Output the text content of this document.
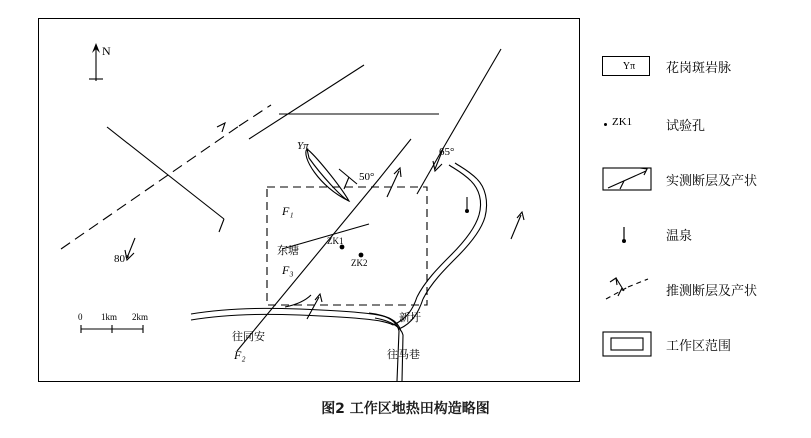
N
80°
50°
65°
Yπ
F₁
F₂
F₃
ZK1
ZK2
东塘
往同安
新圩
往马巷
0 1km 2km
Yπ	花岗斑岩脉
ZK1	试验孔
实测断层及产状
温泉
推测断层及产状
工作区范围
图2 工作区地热田构造略图
